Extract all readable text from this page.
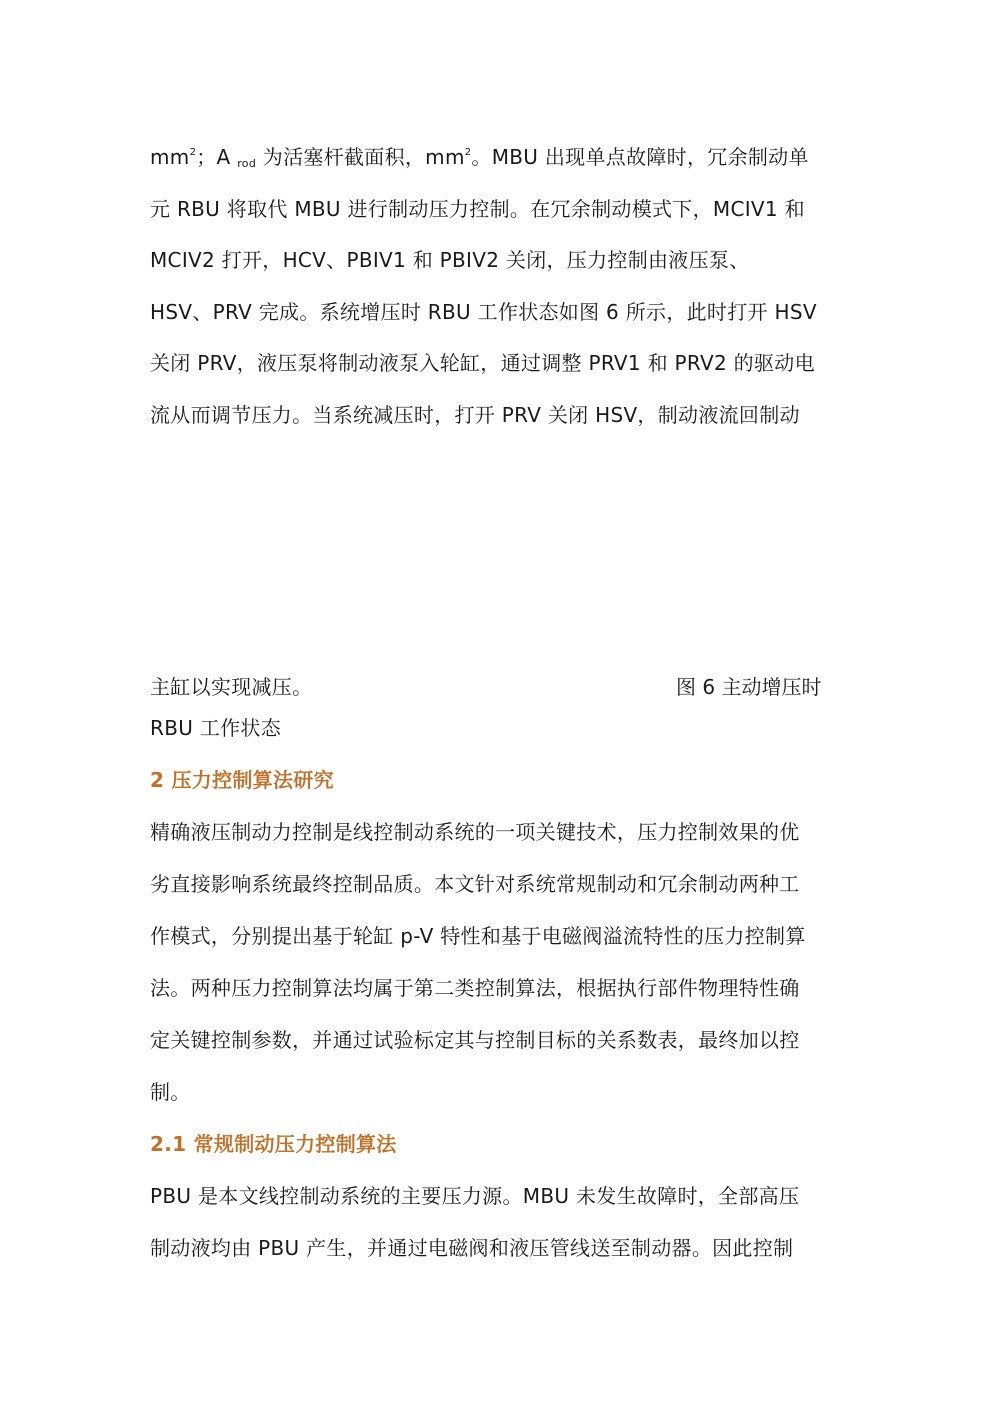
$mm^2$；A $_{rod}$ 为活塞杆截面积，$mm^2$。MBU 出现单点故障时，冗余制动单
元 RBU 将取代 MBU 进行制动压力控制。在冗余制动模式下，MCIV1 和
MCIV2 打开，HCV、PBIV1 和 PBIV2 关闭，压力控制由液压泵、
HSV、PRV 完成。系统增压时 RBU 工作状态如图 6 所示，此时打开 HSV
关闭 PRV，液压泵将制动液泵入轮缸，通过调整 PRV1 和 PRV2 的驱动电
流从而调节压力。当系统减压时，打开 PRV 关闭 HSV，制动液流回制动
主缸以实现减压。	图 6 主动增压时
RBU 工作状态
2 压力控制算法研究
精确液压制动力控制是线控制动系统的一项关键技术，压力控制效果的优
劣直接影响系统最终控制品质。本文针对系统常规制动和冗余制动两种工
作模式，分别提出基于轮缸 p-V 特性和基于电磁阀溢流特性的压力控制算
法。两种压力控制算法均属于第二类控制算法，根据执行部件物理特性确
定关键控制参数，并通过试验标定其与控制目标的关系数表，最终加以控
制。
2.1 常规制动压力控制算法
PBU 是本文线控制动系统的主要压力源。MBU 未发生故障时，全部高压
制动液均由 PBU 产生，并通过电磁阀和液压管线送至制动器。因此控制
